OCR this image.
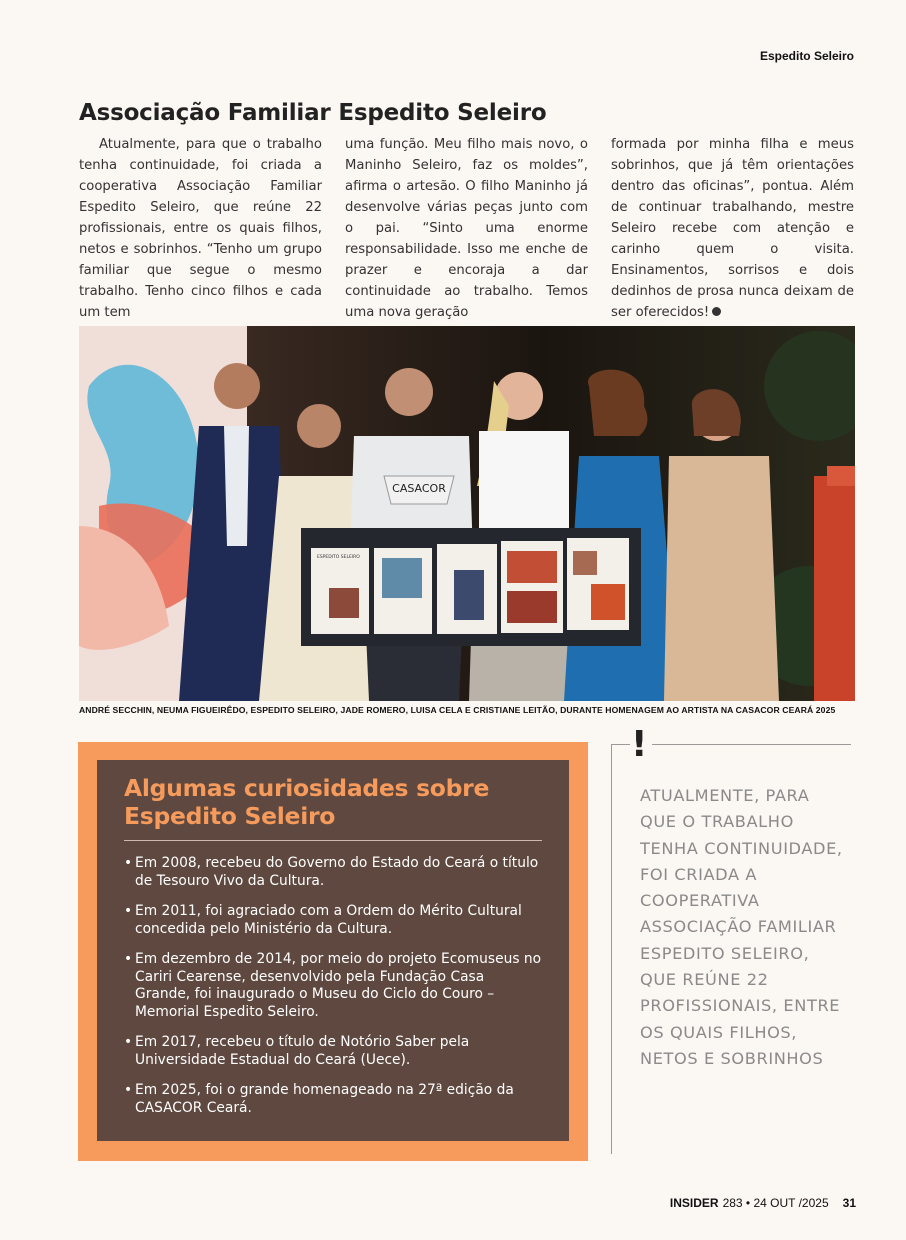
Espedito Seleiro
Associação Familiar Espedito Seleiro

Atualmente, para que o trabalho tenha continuidade, foi criada a cooperativa Associação Familiar Espedito Seleiro, que reúne 22 profissionais, entre os quais filhos, netos e sobrinhos. “Tenho um grupo familiar que segue o mesmo trabalho. Tenho cinco filhos e cada um tem

uma função. Meu filho mais novo, o Maninho Seleiro, faz os moldes”, afirma o artesão. O filho Maninho já desenvolve várias peças junto com o pai. “Sinto uma enorme responsabilidade. Isso me enche de prazer e encoraja a dar continuidade ao trabalho. Temos uma nova geração

formada por minha filha e meus sobrinhos, que já têm orientações dentro das oficinas”, pontua. Além de continuar trabalhando, mestre Seleiro recebe com atenção e carinho quem o visita. Ensinamentos, sorrisos e dois dedinhos de prosa nunca deixam de ser oferecidos!

CASACOR
ESPEDITO SELEIRO
ANDRÉ SECCHIN, NEUMA FIGUEIRÊDO, ESPEDITO SELEIRO, JADE ROMERO, LUISA CELA E CRISTIANE LEITÃO, DURANTE HOMENAGEM AO ARTISTA NA CASACOR CEARÁ 2025
Algumas curiosidades sobre Espedito Seleiro
• Em 2008, recebeu do Governo do Estado do Ceará o título de Tesouro Vivo da Cultura.
• Em 2011, foi agraciado com a Ordem do Mérito Cultural concedida pelo Ministério da Cultura.
• Em dezembro de 2014, por meio do projeto Ecomuseus no Cariri Cearense, desenvolvido pela Fundação Casa Grande, foi inaugurado o Museu do Ciclo do Couro – Memorial Espedito Seleiro.
• Em 2017, recebeu o título de Notório Saber pela Universidade Estadual do Ceará (Uece).
• Em 2025, foi o grande homenageado na 27ª edição da CASACOR Ceará.
!
ATUALMENTE, PARA QUE O TRABALHO TENHA CONTINUIDADE, FOI CRIADA A COOPERATIVA ASSOCIAÇÃO FAMILIAR ESPEDITO SELEIRO, QUE REÚNE 22 PROFISSIONAIS, ENTRE OS QUAIS FILHOS, NETOS E SOBRINHOS
INSIDER 283 • 24 OUT /2025 31
